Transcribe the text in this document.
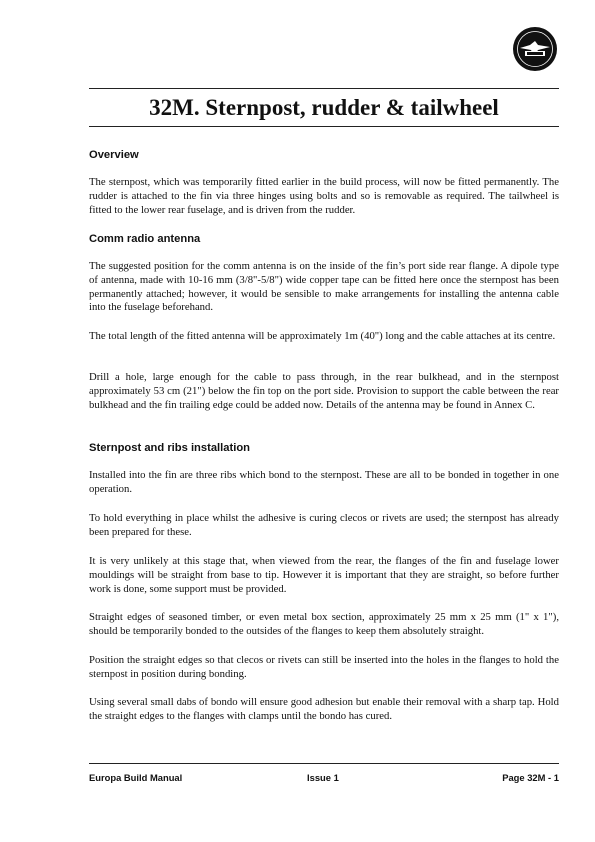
32M. Sternpost, rudder & tailwheel
Overview
The sternpost, which was temporarily fitted earlier in the build process, will now be fitted permanently. The rudder is attached to the fin via three hinges using bolts and so is removable as required. The tailwheel is fitted to the lower rear fuselage, and is driven from the rudder.
Comm radio antenna
The suggested position for the comm antenna is on the inside of the fin’s port side rear flange. A dipole type of antenna, made with 10-16 mm (3/8"-5/8") wide copper tape can be fitted here once the sternpost has been permanently attached; however, it would be sensible to make arrangements for installing the antenna cable into the fuselage beforehand.
The total length of the fitted antenna will be approximately 1m (40") long and the cable attaches at its centre.
Drill a hole, large enough for the cable to pass through, in the rear bulkhead, and in the sternpost approximately 53 cm (21") below the fin top on the port side. Provision to support the cable between the rear bulkhead and the fin trailing edge could be added now. Details of the antenna may be found in Annex C.
Sternpost and ribs installation
Installed into the fin are three ribs which bond to the sternpost. These are all to be bonded in together in one operation.
To hold everything in place whilst the adhesive is curing clecos or rivets are used; the sternpost has already been prepared for these.
It is very unlikely at this stage that, when viewed from the rear, the flanges of the fin and fuselage lower mouldings will be straight from base to tip. However it is important that they are straight, so before further work is done, some support must be provided.
Straight edges of seasoned timber, or even metal box section, approximately 25 mm x 25 mm (1" x 1"), should be temporarily bonded to the outsides of the flanges to keep them absolutely straight.
Position the straight edges so that clecos or rivets can still be inserted into the holes in the flanges to hold the sternpost in position during bonding.
Using several small dabs of bondo will ensure good adhesion but enable their removal with a sharp tap. Hold the straight edges to the flanges with clamps until the bondo has cured.
Europa Build Manual	Issue 1	Page 32M - 1
